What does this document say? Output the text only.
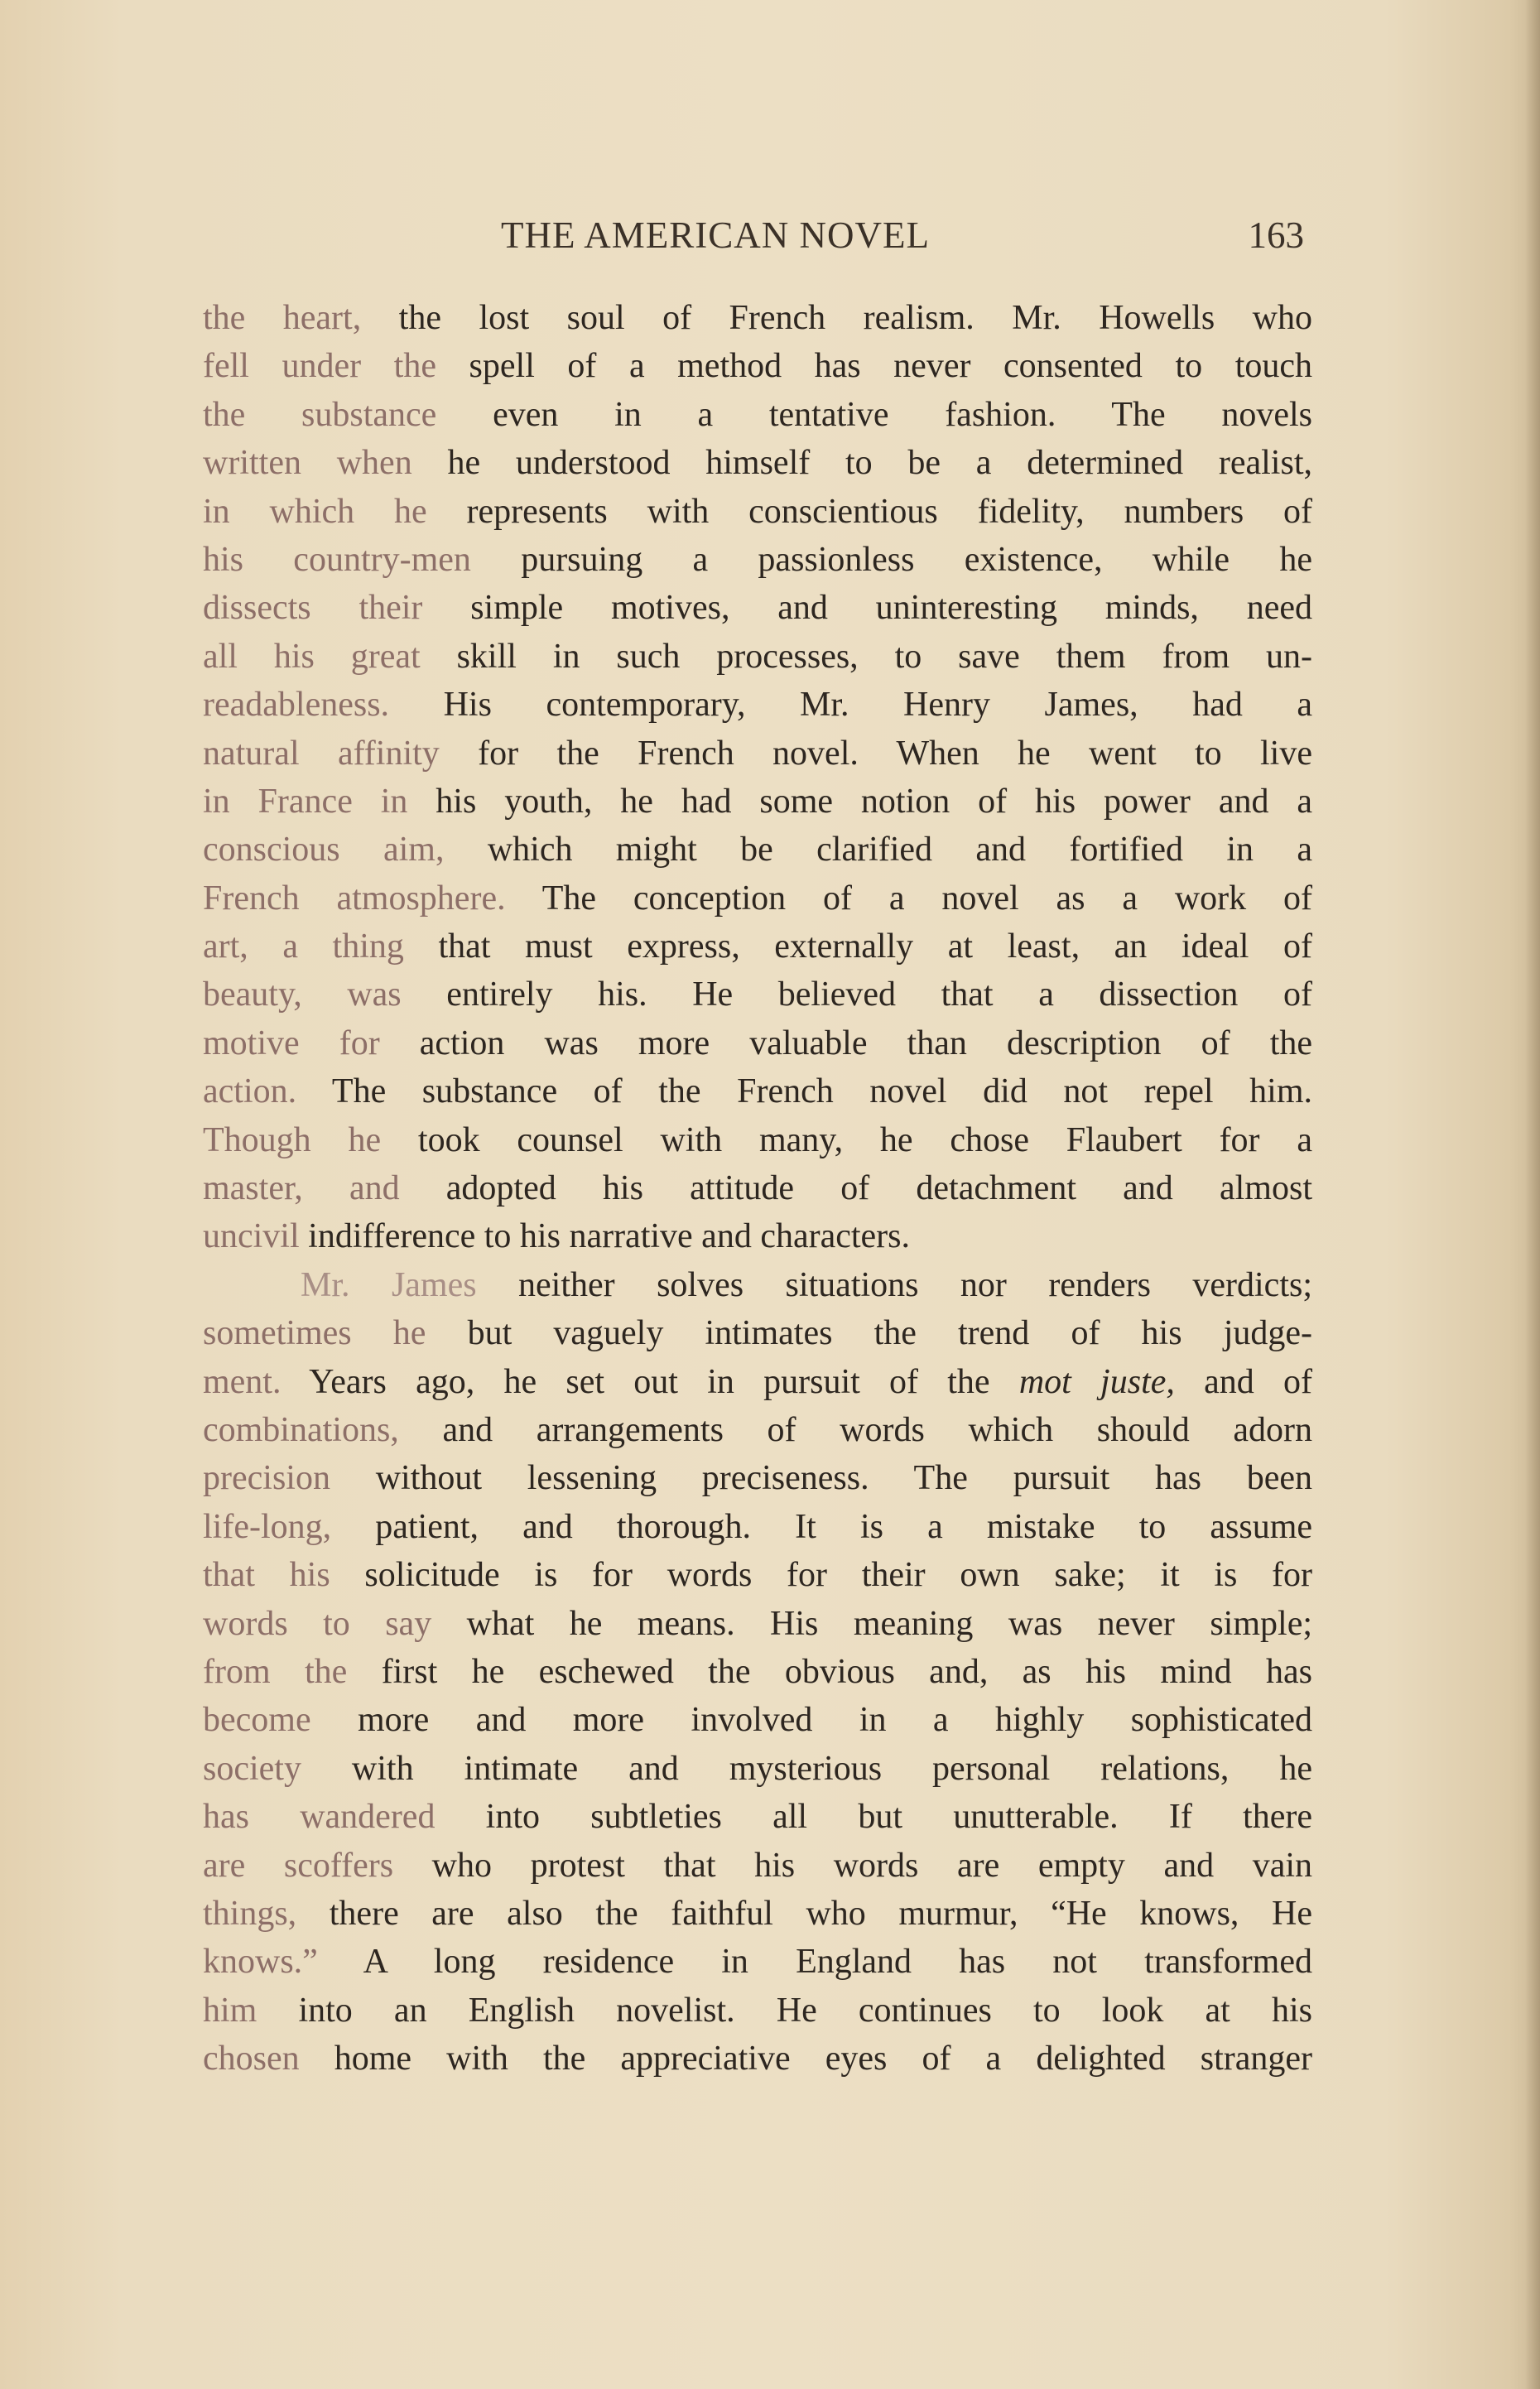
THE AMERICAN NOVEL	163
the heart, the lost soul of French realism. Mr. Howells who
fell under the spell of a method has never consented to touch
the substance even in a tentative fashion. The novels
written when he understood himself to be a determined realist,
in which he represents with conscientious fidelity, numbers of
his country-men pursuing a passionless existence, while he
dissects their simple motives, and uninteresting minds, need
all his great skill in such processes, to save them from un-
readableness. His contemporary, Mr. Henry James, had a
natural affinity for the French novel. When he went to live
in France in his youth, he had some notion of his power and a
conscious aim, which might be clarified and fortified in a
French atmosphere. The conception of a novel as a work of
art, a thing that must express, externally at least, an ideal of
beauty, was entirely his. He believed that a dissection of
motive for action was more valuable than description of the
action. The substance of the French novel did not repel him.
Though he took counsel with many, he chose Flaubert for a
master, and adopted his attitude of detachment and almost
uncivil indifference to his narrative and characters.
Mr. James neither solves situations nor renders verdicts;
sometimes he but vaguely intimates the trend of his judge-
ment. Years ago, he set out in pursuit of the mot juste, and of
combinations, and arrangements of words which should adorn
precision without lessening preciseness. The pursuit has been
life-long, patient, and thorough. It is a mistake to assume
that his solicitude is for words for their own sake; it is for
words to say what he means. His meaning was never simple;
from the first he eschewed the obvious and, as his mind has
become more and more involved in a highly sophisticated
society with intimate and mysterious personal relations, he
has wandered into subtleties all but unutterable. If there
are scoffers who protest that his words are empty and vain
things, there are also the faithful who murmur, “He knows, He
knows.” A long residence in England has not transformed
him into an English novelist. He continues to look at his
chosen home with the appreciative eyes of a delighted stranger
